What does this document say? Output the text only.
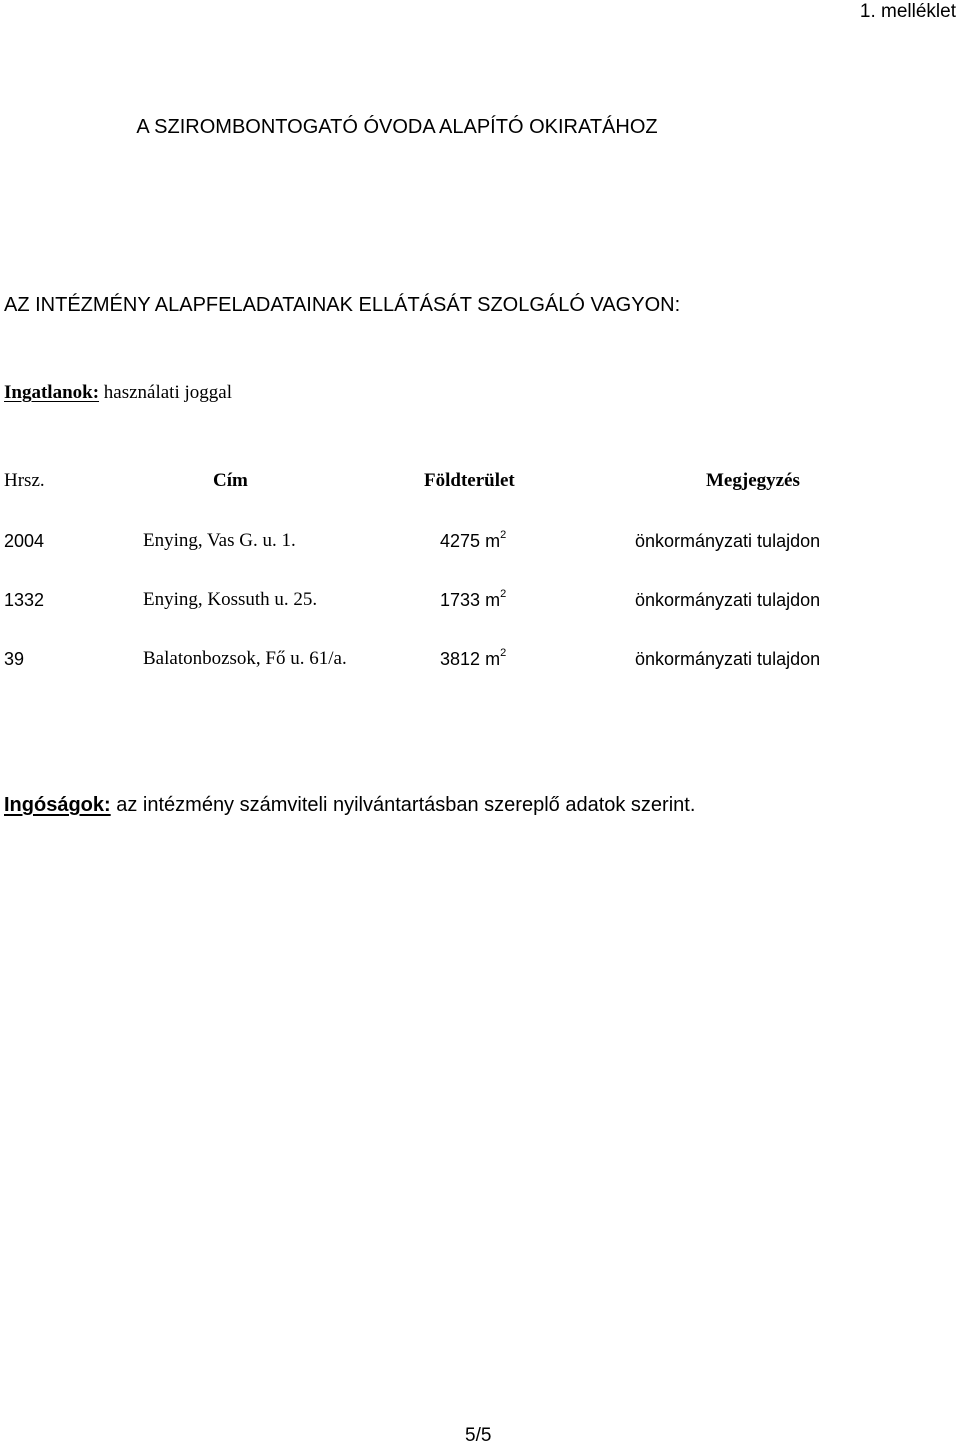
1. melléklet
A SZIROMBONTOGATÓ ÓVODA ALAPÍTÓ OKIRATÁHOZ
AZ INTÉZMÉNY ALAPFELADATAINAK ELLÁTÁSÁT SZOLGÁLÓ VAGYON:
Ingatlanok: használati joggal
Hrsz.	Cím	Földterület	Megjegyzés
2004	Enying, Vas G. u. 1.	4275 $m^2$	önkormányzati tulajdon
1332	Enying, Kossuth u. 25.	1733 $m^2$	önkormányzati tulajdon
39	Balatonbozsok, Fő u. 61/a.	3812 $m^2$	önkormányzati tulajdon
Ingóságok: az intézmény számviteli nyilvántartásban szereplő adatok szerint.
5/5
